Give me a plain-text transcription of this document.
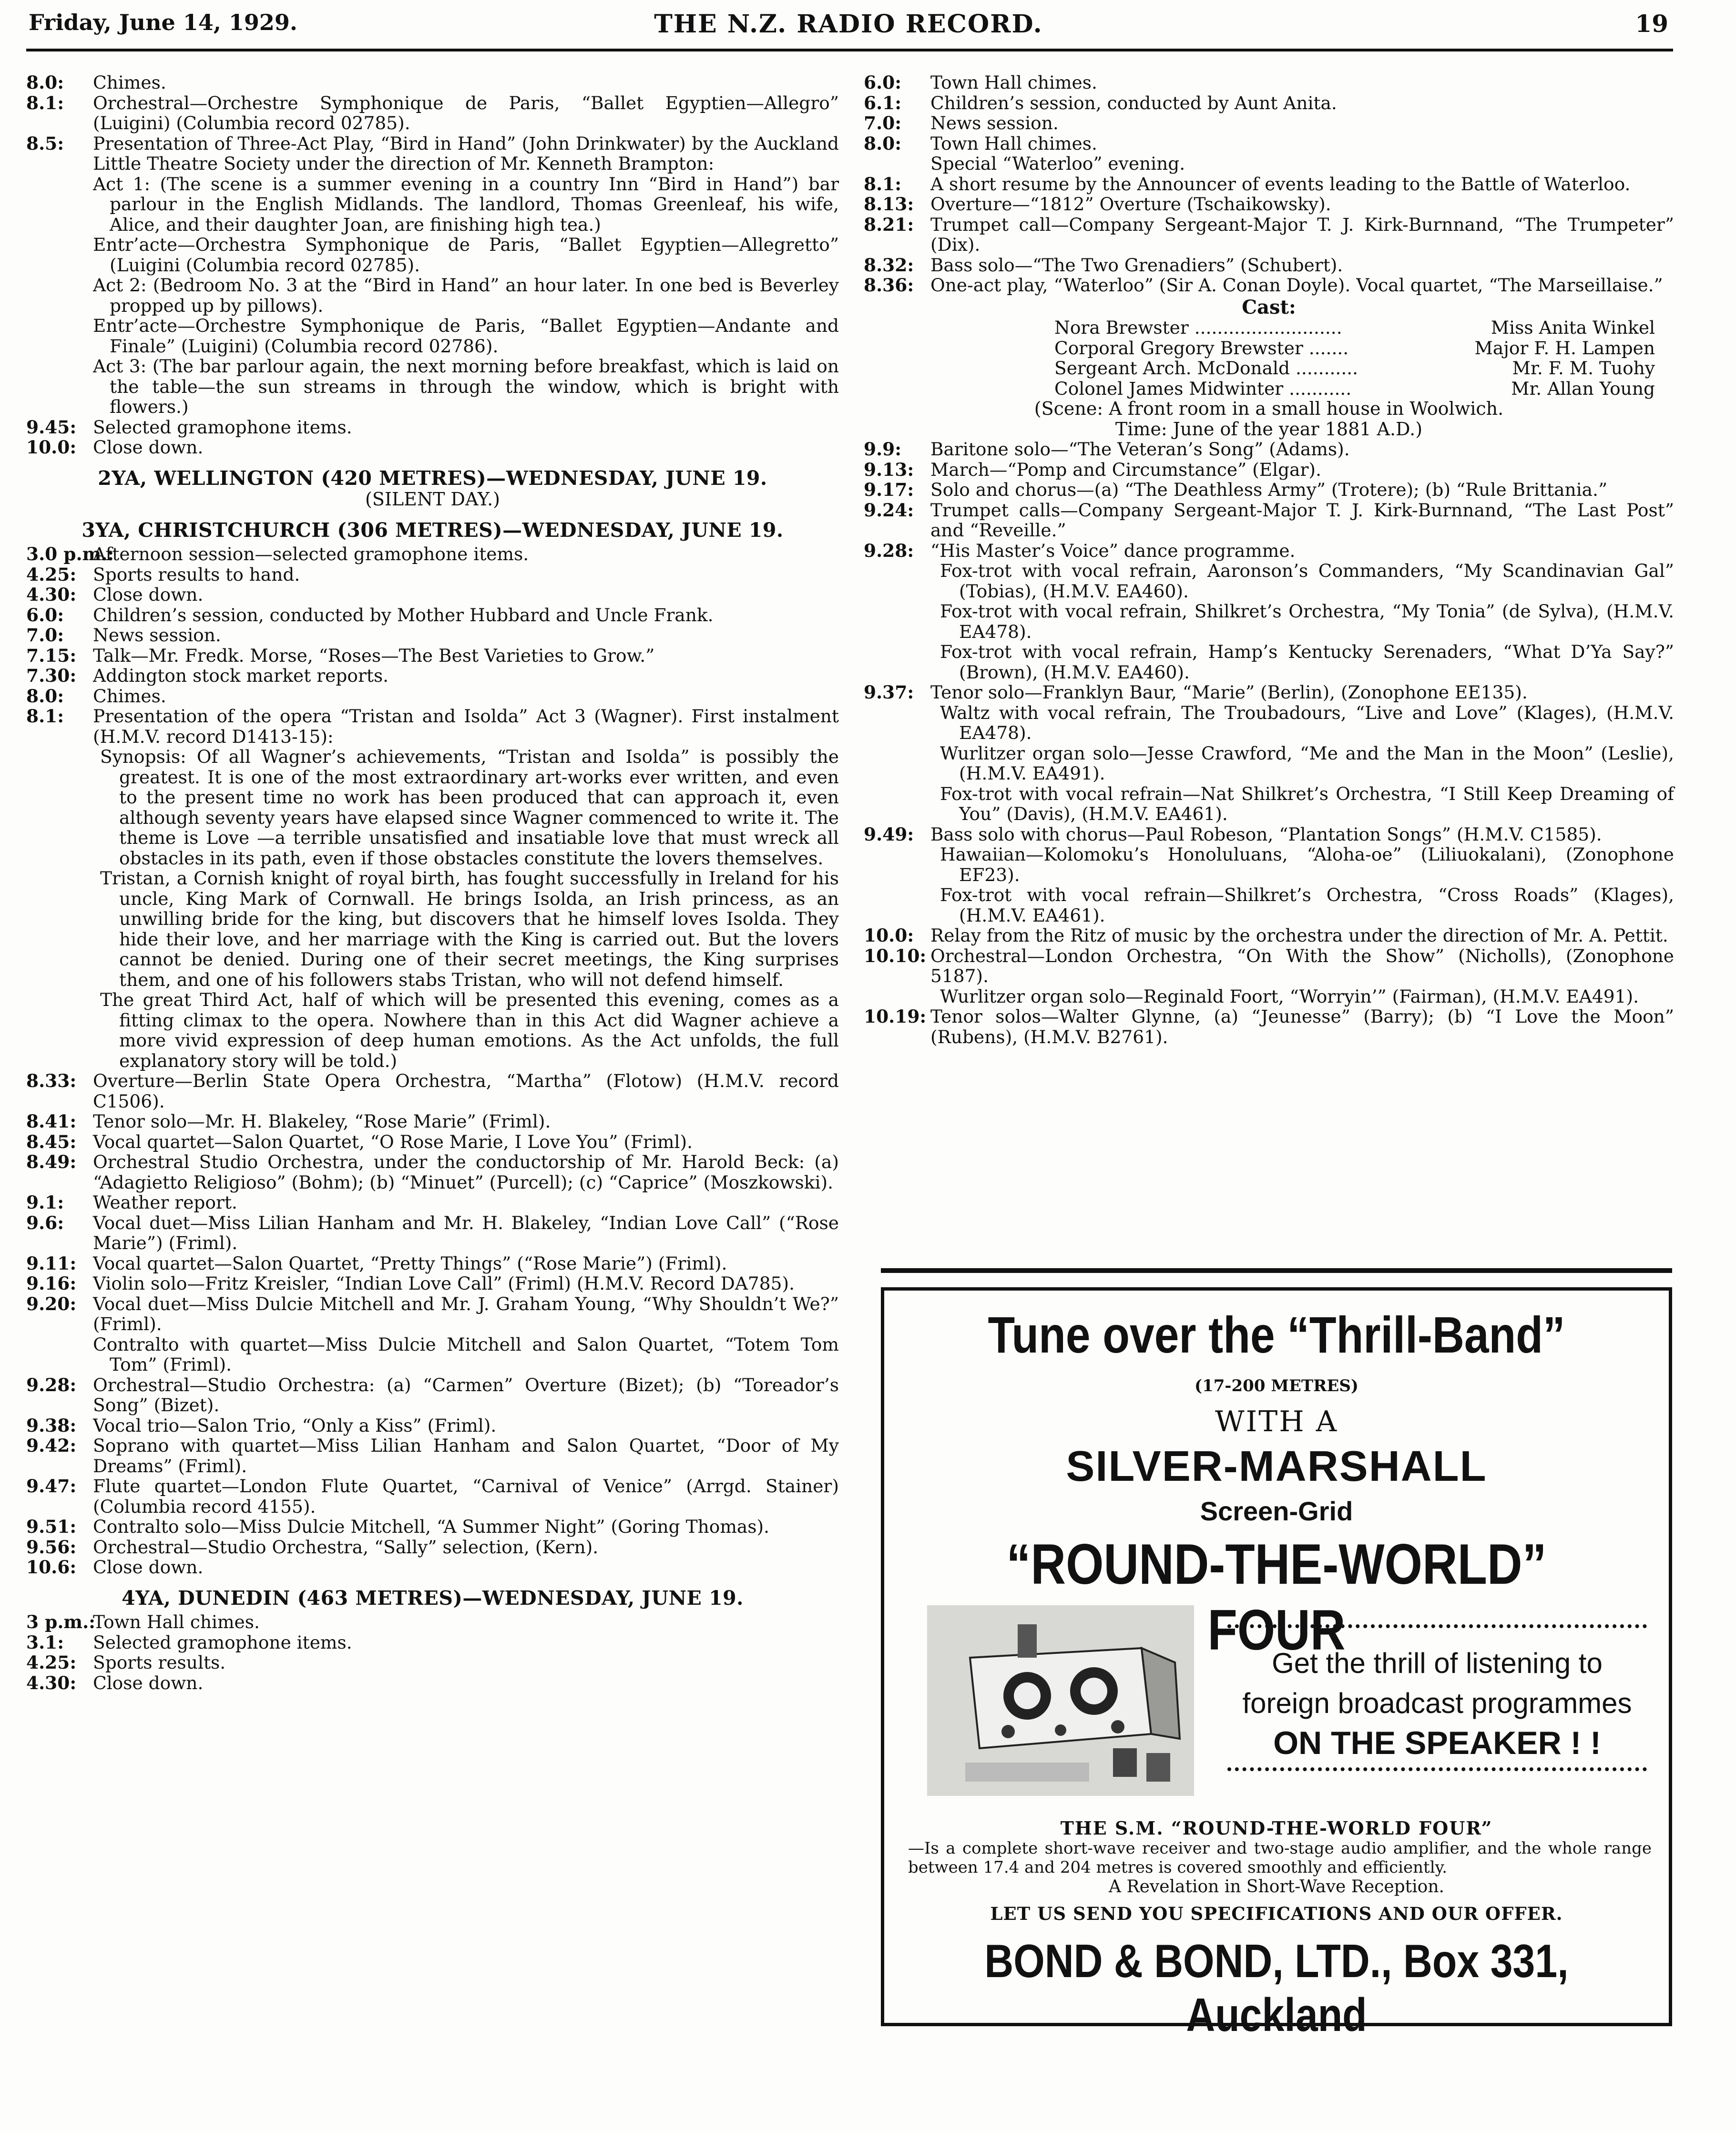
Friday, June 14, 1929.	THE N.Z. RADIO RECORD.	19
8.0: Chimes.
8.1: Orchestral—Orchestre Symphonique de Paris, “Ballet Egyptien—Allegro” (Luigini) (Columbia record 02785).
8.5: Presentation of Three-Act Play, “Bird in Hand” (John Drinkwater) by the Auckland Little Theatre Society under the direction of Mr. Kenneth Brampton:
Act 1: (The scene is a summer evening in a country Inn “Bird in Hand”) bar parlour in the English Midlands. The landlord, Thomas Greenleaf, his wife, Alice, and their daughter Joan, are finishing high tea.)
Entr’acte—Orchestra Symphonique de Paris, “Ballet Egyptien—Allegretto” (Luigini (Columbia record 02785).
Act 2: (Bedroom No. 3 at the “Bird in Hand” an hour later. In one bed is Beverley propped up by pillows).
Entr’acte—Orchestre Symphonique de Paris, “Ballet Egyptien—Andante and Finale” (Luigini) (Columbia record 02786).
Act 3: (The bar parlour again, the next morning before breakfast, which is laid on the table—the sun streams in through the window, which is bright with flowers.)
9.45: Selected gramophone items.
10.0: Close down.
2YA, WELLINGTON (420 METRES)—WEDNESDAY, JUNE 19.
(SILENT DAY.)
3YA, CHRISTCHURCH (306 METRES)—WEDNESDAY, JUNE 19.
3.0 p.m.:
Afternoon session—selected gramophone items.
4.25: Sports results to hand.
4.30: Close down.
6.0: Children’s session, conducted by Mother Hubbard and Uncle Frank.
7.0: News session.
7.15: Talk—Mr. Fredk. Morse, “Roses—The Best Varieties to Grow.”
7.30: Addington stock market reports.
8.0: Chimes.
8.1: Presentation of the opera “Tristan and Isolda” Act 3 (Wagner). First instalment (H.M.V. record D1413-15):
Synopsis: Of all Wagner’s achievements, “Tristan and Isolda” is possibly the greatest. It is one of the most extraordinary art-works ever written, and even to the present time no work has been produced that can approach it, even although seventy years have elapsed since Wagner commenced to write it. The theme is Love —a terrible unsatisfied and insatiable love that must wreck all obstacles in its path, even if those obstacles constitute the lovers themselves.
Tristan, a Cornish knight of royal birth, has fought successfully in Ireland for his uncle, King Mark of Cornwall. He brings Isolda, an Irish princess, as an unwilling bride for the king, but discovers that he himself loves Isolda. They hide their love, and her marriage with the King is carried out. But the lovers cannot be denied. During one of their secret meetings, the King surprises them, and one of his followers stabs Tristan, who will not defend himself.
The great Third Act, half of which will be presented this evening, comes as a fitting climax to the opera. Nowhere than in this Act did Wagner achieve a more vivid expression of deep human emotions. As the Act unfolds, the full explanatory story will be told.)
8.33: Overture—Berlin State Opera Orchestra, “Martha” (Flotow) (H.M.V. record C1506).
8.41: Tenor solo—Mr. H. Blakeley, “Rose Marie” (Friml).
8.45: Vocal quartet—Salon Quartet, “O Rose Marie, I Love You” (Friml).
8.49: Orchestral Studio Orchestra, under the conductorship of Mr. Harold Beck: (a) “Adagietto Religioso” (Bohm); (b) “Minuet” (Purcell); (c) “Caprice” (Moszkowski).
9.1: Weather report.
9.6: Vocal duet—Miss Lilian Hanham and Mr. H. Blakeley, “Indian Love Call” (“Rose Marie”) (Friml).
9.11: Vocal quartet—Salon Quartet, “Pretty Things” (“Rose Marie”) (Friml).
9.16: Violin solo—Fritz Kreisler, “Indian Love Call” (Friml) (H.M.V. Record DA785).
9.20: Vocal duet—Miss Dulcie Mitchell and Mr. J. Graham Young, “Why Shouldn’t We?” (Friml).
Contralto with quartet—Miss Dulcie Mitchell and Salon Quartet, “Totem Tom Tom” (Friml).
9.28: Orchestral—Studio Orchestra: (a) “Carmen” Overture (Bizet); (b) “Toreador’s Song” (Bizet).
9.38: Vocal trio—Salon Trio, “Only a Kiss” (Friml).
9.42: Soprano with quartet—Miss Lilian Hanham and Salon Quartet, “Door of My Dreams” (Friml).
9.47: Flute quartet—London Flute Quartet, “Carnival of Venice” (Arrgd. Stainer) (Columbia record 4155).
9.51: Contralto solo—Miss Dulcie Mitchell, “A Summer Night” (Goring Thomas).
9.56: Orchestral—Studio Orchestra, “Sally” selection, (Kern).
10.6: Close down.
4YA, DUNEDIN (463 METRES)—WEDNESDAY, JUNE 19.
3 p.m.:
Town Hall chimes.
3.1: Selected gramophone items.
4.25: Sports results.
4.30: Close down.
6.0: Town Hall chimes.
6.1: Children’s session, conducted by Aunt Anita.
7.0: News session.
8.0: Town Hall chimes.
Special “Waterloo” evening.
8.1: A short resume by the Announcer of events leading to the Battle of Waterloo.
8.13: Overture—“1812” Overture (Tschaikowsky).
8.21: Trumpet call—Company Sergeant-Major T. J. Kirk-Burnnand, “The Trumpeter” (Dix).
8.32: Bass solo—“The Two Grenadiers” (Schubert).
8.36: One-act play, “Waterloo” (Sir A. Conan Doyle). Vocal quartet, “The Marseillaise.”
Cast:
Nora Brewster ..........................	Miss Anita Winkel
Corporal Gregory Brewster .......	Major F. H. Lampen
Sergeant Arch. McDonald ...........	Mr. F. M. Tuohy
Colonel James Midwinter ...........	Mr. Allan Young
(Scene: A front room in a small house in Woolwich.
Time: June of the year 1881 A.D.)
9.9: Baritone solo—“The Veteran’s Song” (Adams).
9.13: March—“Pomp and Circumstance” (Elgar).
9.17: Solo and chorus—(a) “The Deathless Army” (Trotere); (b) “Rule Brittania.”
9.24: Trumpet calls—Company Sergeant-Major T. J. Kirk-Burnnand, “The Last Post” and “Reveille.”
9.28: “His Master’s Voice” dance programme.
Fox-trot with vocal refrain, Aaronson’s Commanders, “My Scandinavian Gal” (Tobias), (H.M.V. EA460).
Fox-trot with vocal refrain, Shilkret’s Orchestra, “My Tonia” (de Sylva), (H.M.V. EA478).
Fox-trot with vocal refrain, Hamp’s Kentucky Serenaders, “What D’Ya Say?” (Brown), (H.M.V. EA460).
9.37: Tenor solo—Franklyn Baur, “Marie” (Berlin), (Zonophone EE135).
Waltz with vocal refrain, The Troubadours, “Live and Love” (Klages), (H.M.V. EA478).
Wurlitzer organ solo—Jesse Crawford, “Me and the Man in the Moon” (Leslie), (H.M.V. EA491).
Fox-trot with vocal refrain—Nat Shilkret’s Orchestra, “I Still Keep Dreaming of You” (Davis), (H.M.V. EA461).
9.49: Bass solo with chorus—Paul Robeson, “Plantation Songs” (H.M.V. C1585).
Hawaiian—Kolomoku’s Honoluluans, “Aloha-oe” (Liliuokalani), (Zonophone EF23).
Fox-trot with vocal refrain—Shilkret’s Orchestra, “Cross Roads” (Klages), (H.M.V. EA461).
10.0: Relay from the Ritz of music by the orchestra under the direction of Mr. A. Pettit.
10.10: Orchestral—London Orchestra, “On With the Show” (Nicholls), (Zonophone 5187).
Wurlitzer organ solo—Reginald Foort, “Worryin’” (Fairman), (H.M.V. EA491).
10.19: Tenor solos—Walter Glynne, (a) “Jeunesse” (Barry); (b) “I Love the Moon” (Rubens), (H.M.V. B2761).
Tune over the “Thrill-Band”
(17-200 METRES)
WITH A
SILVER-MARSHALL
Screen-Grid
“ROUND-THE-WORLD” FOUR
Get the thrill of listening to
foreign broadcast programmes
ON THE SPEAKER ! !
THE S.M. “ROUND-THE-WORLD FOUR”
—Is a complete short-wave receiver and two-stage audio amplifier, and the whole range between 17.4 and 204 metres is covered smoothly and efficiently.
A Revelation in Short-Wave Reception.
LET US SEND YOU SPECIFICATIONS AND OUR OFFER.
BOND & BOND, LTD., Box 331, Auckland
